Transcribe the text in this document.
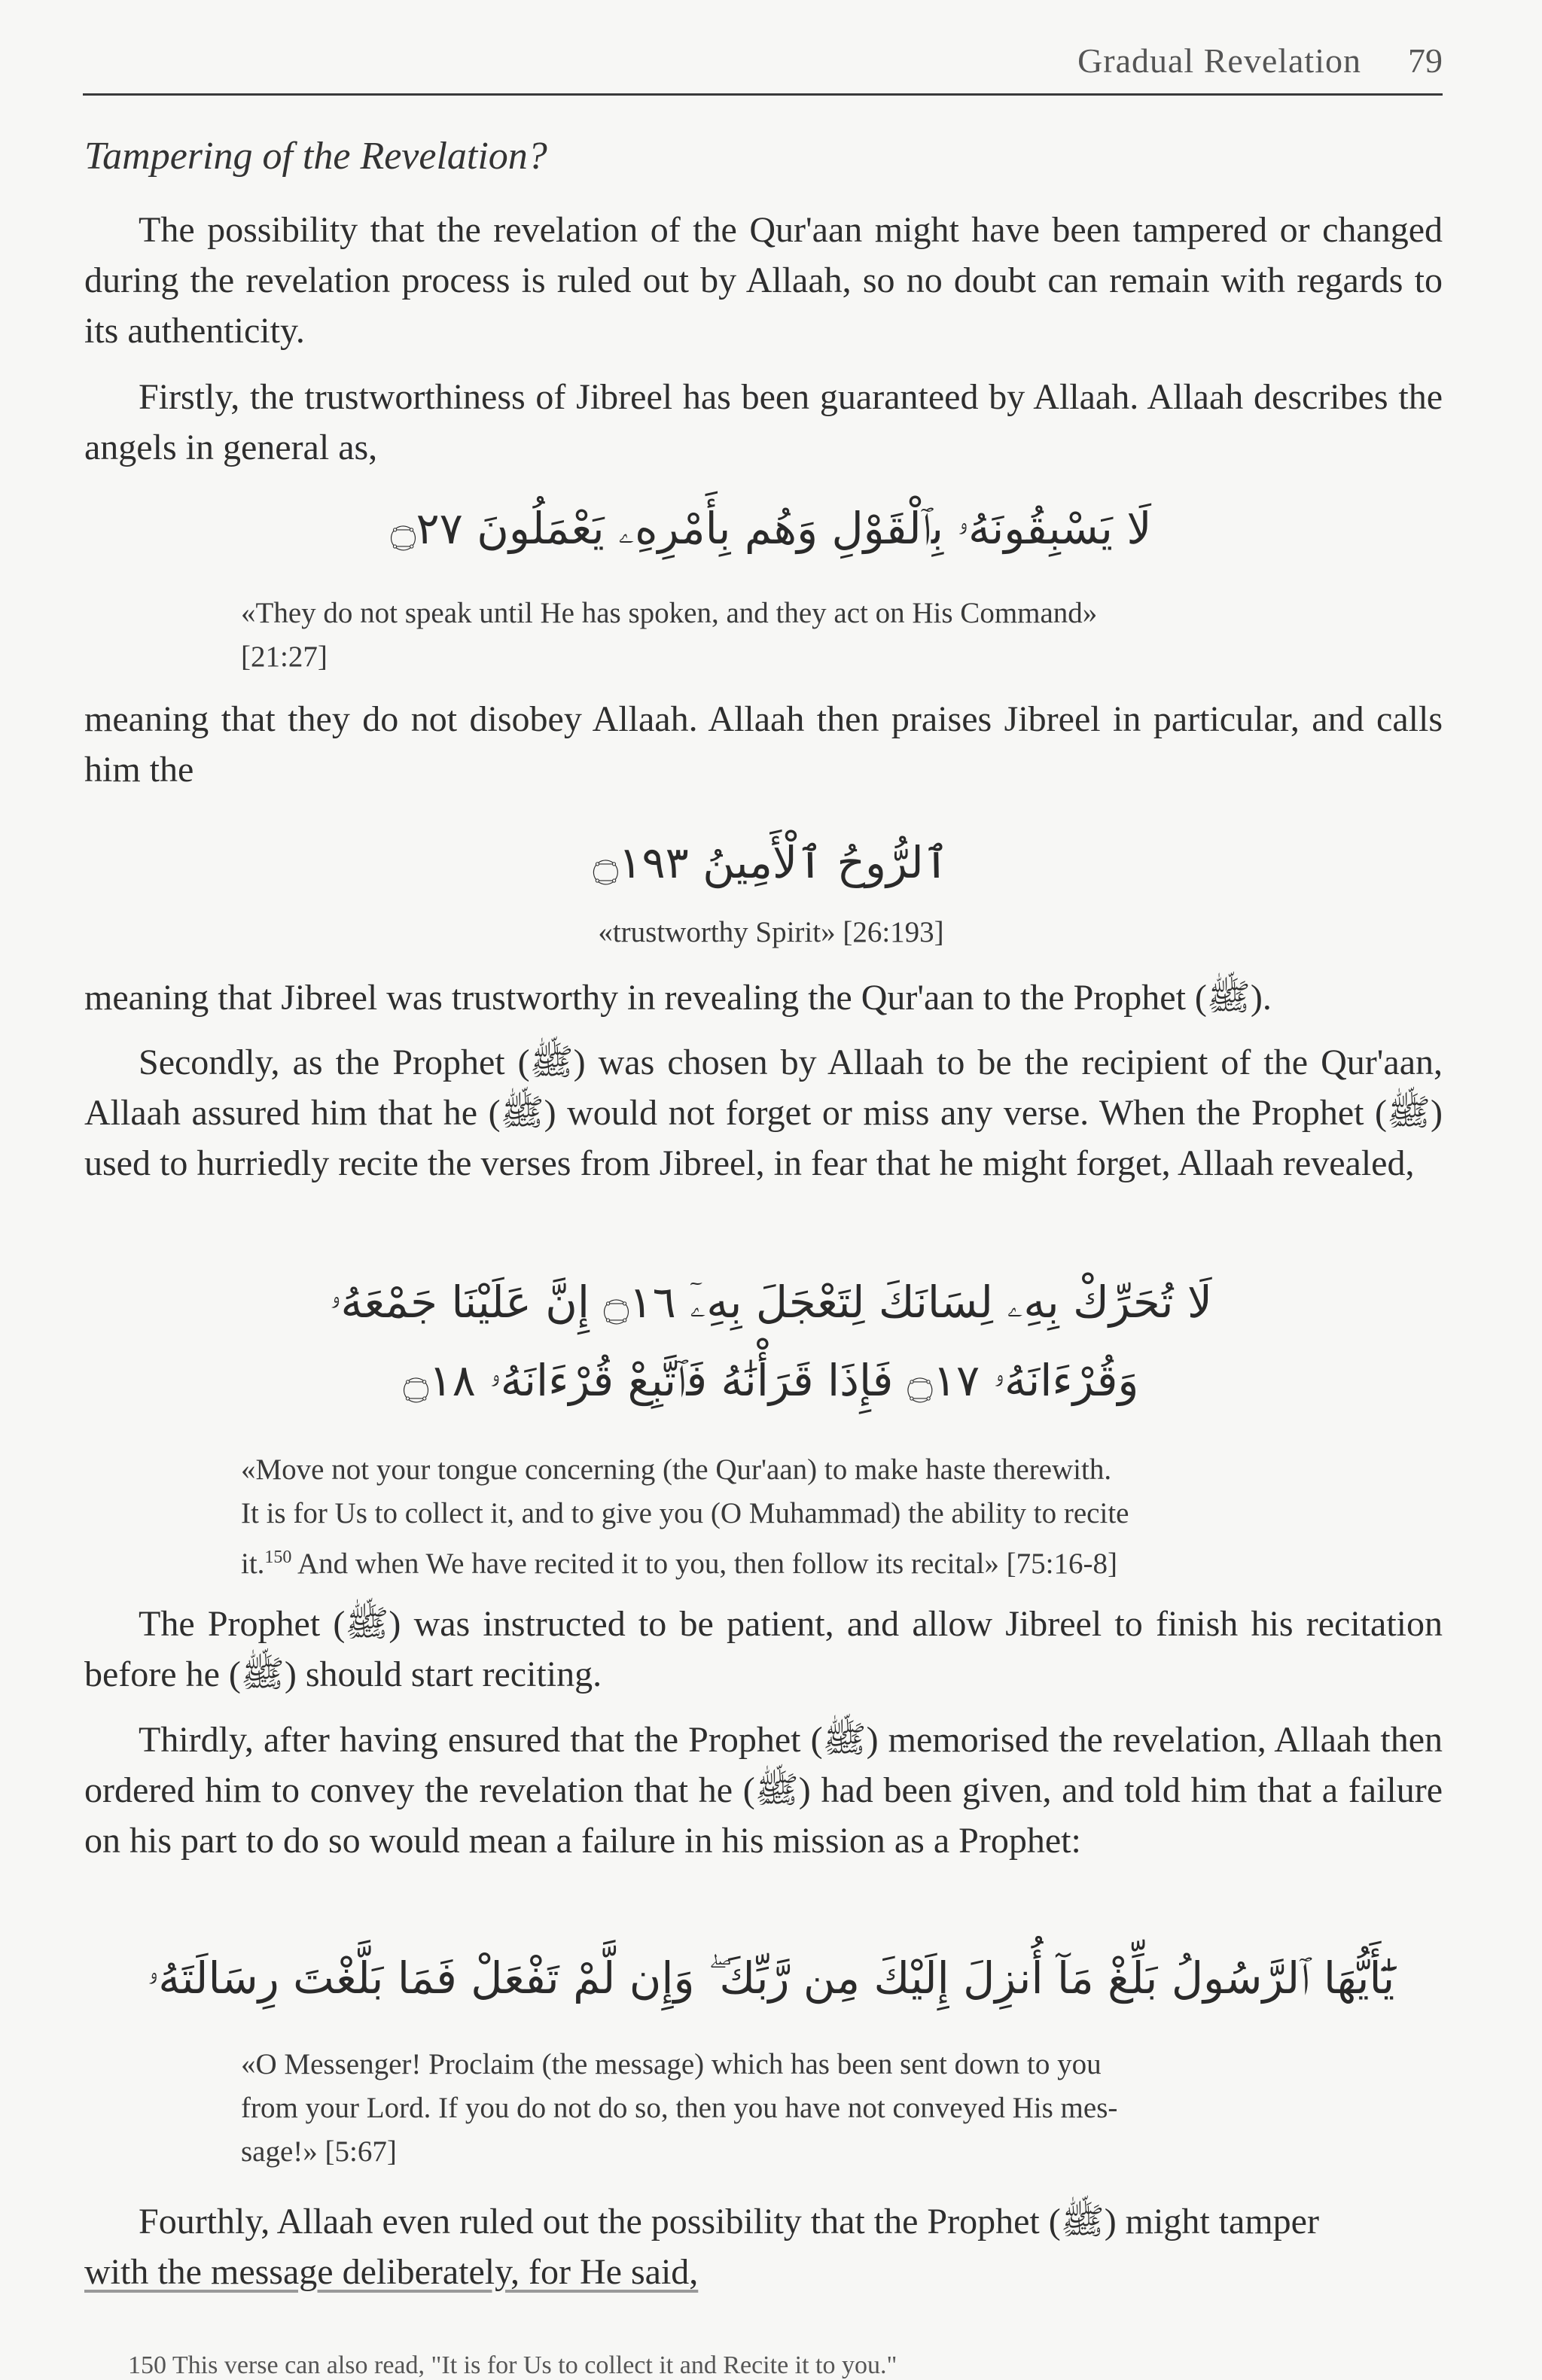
Gradual Revelation 79
Tampering of the Revelation?

The possibility that the revelation of the Qur'aan might have been tampered or changed during the revelation process is ruled out by Allaah, so no doubt can remain with regards to its authenticity.

Firstly, the trustworthiness of Jibreel has been guaranteed by Allaah. Allaah describes the angels in general as,

لَا يَسْبِقُونَهُۥ بِٱلْقَوْلِ وَهُم بِأَمْرِهِۦ يَعْمَلُونَ ۝٢٧
«They do not speak until He has spoken, and they act on His Command»
[21:27]

meaning that they do not disobey Allaah. Allaah then praises Jibreel in particular, and calls him the

ٱلرُّوحُ ٱلْأَمِينُ ۝١٩٣
«trustworthy Spirit» [26:193]

meaning that Jibreel was trustworthy in revealing the Qur'aan to the Prophet (ﷺ).

Secondly, as the Prophet (ﷺ) was chosen by Allaah to be the recipient of the Qur'aan, Allaah assured him that he (ﷺ) would not forget or miss any verse. When the Prophet (ﷺ) used to hurriedly recite the verses from Jibreel, in fear that he might forget, Allaah revealed,

لَا تُحَرِّكْ بِهِۦ لِسَانَكَ لِتَعْجَلَ بِهِۦٓ ۝١٦ إِنَّ عَلَيْنَا جَمْعَهُۥ
وَقُرْءَانَهُۥ ۝١٧ فَإِذَا قَرَأْنَٰهُ فَٱتَّبِعْ قُرْءَانَهُۥ ۝١٨
«Move not your tongue concerning (the Qur'aan) to make haste therewith.
It is for Us to collect it, and to give you (O Muhammad) the ability to recite
it.$^{150}$ And when We have recited it to you, then follow its recital» [75:16-8]

The Prophet (ﷺ) was instructed to be patient, and allow Jibreel to finish his recitation before he (ﷺ) should start reciting.

Thirdly, after having ensured that the Prophet (ﷺ) memorised the revelation, Allaah then ordered him to convey the revelation that he (ﷺ) had been given, and told him that a failure on his part to do so would mean a failure in his mission as a Prophet:

يَٰٓأَيُّهَا ٱلرَّسُولُ بَلِّغْ مَآ أُنزِلَ إِلَيْكَ مِن رَّبِّكَ ۖ وَإِن لَّمْ تَفْعَلْ فَمَا بَلَّغْتَ رِسَالَتَهُۥ
«O Messenger! Proclaim (the message) which has been sent down to you
from your Lord. If you do not do so, then you have not conveyed His mes-
sage!» [5:67]
Fourthly, Allaah even ruled out the possibility that the Prophet (ﷺ) might tamper
with the message deliberately, for He said,
150 This verse can also read, "It is for Us to collect it and Recite it to you."
